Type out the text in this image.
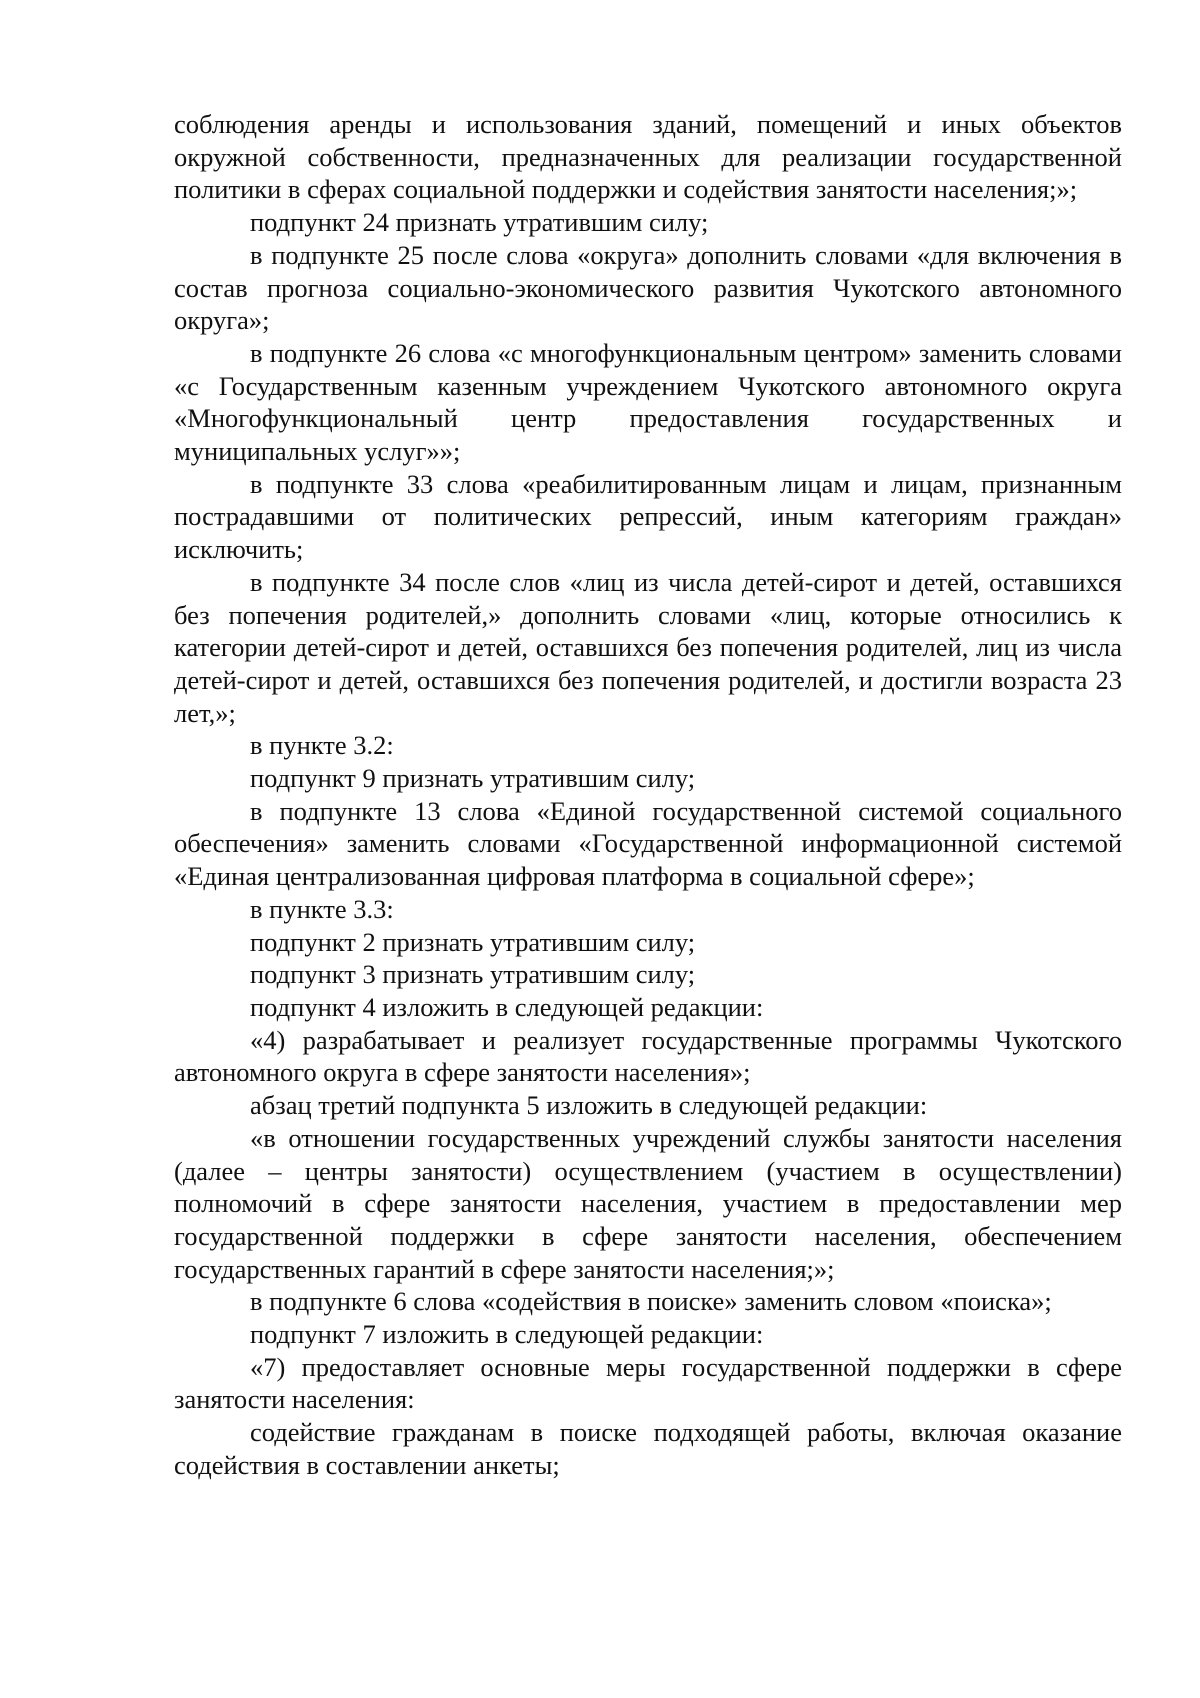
соблюдения аренды и использования зданий, помещений и иных объектов окружной собственности, предназначенных для реализации государственной политики в сферах социальной поддержки и содействия занятости населения;»;

подпункт 24 признать утратившим силу;

в подпункте 25 после слова «округа» дополнить словами «для включения в состав прогноза социально-экономического развития Чукотского автономного округа»;

в подпункте 26 слова «с многофункциональным центром» заменить словами «с Государственным казенным учреждением Чукотского автономного округа «Многофункциональный центр предоставления государственных и муниципальных услуг»»;

в подпункте 33 слова «реабилитированным лицам и лицам, признанным пострадавшими от политических репрессий, иным категориям граждан» исключить;

в подпункте 34 после слов «лиц из числа детей-сирот и детей, оставшихся без попечения родителей,» дополнить словами «лиц, которые относились к категории детей-сирот и детей, оставшихся без попечения родителей, лиц из числа детей-сирот и детей, оставшихся без попечения родителей, и достигли возраста 23 лет,»;

в пункте 3.2:

подпункт 9 признать утратившим силу;

в подпункте 13 слова «Единой государственной системой социального обеспечения» заменить словами «Государственной информационной системой «Единая централизованная цифровая платформа в социальной сфере»;

в пункте 3.3:

подпункт 2 признать утратившим силу;

подпункт 3 признать утратившим силу;

подпункт 4 изложить в следующей редакции:

«4) разрабатывает и реализует государственные программы Чукотского автономного округа в сфере занятости населения»;

абзац третий подпункта 5 изложить в следующей редакции:

«в отношении государственных учреждений службы занятости населения (далее – центры занятости) осуществлением (участием в осуществлении) полномочий в сфере занятости населения, участием в предоставлении мер государственной поддержки в сфере занятости населения, обеспечением государственных гарантий в сфере занятости населения;»;

в подпункте 6 слова «содействия в поиске» заменить словом «поиска»;

подпункт 7 изложить в следующей редакции:

«7) предоставляет основные меры государственной поддержки в сфере занятости населения:

содействие гражданам в поиске подходящей работы, включая оказание содействия в составлении анкеты;
